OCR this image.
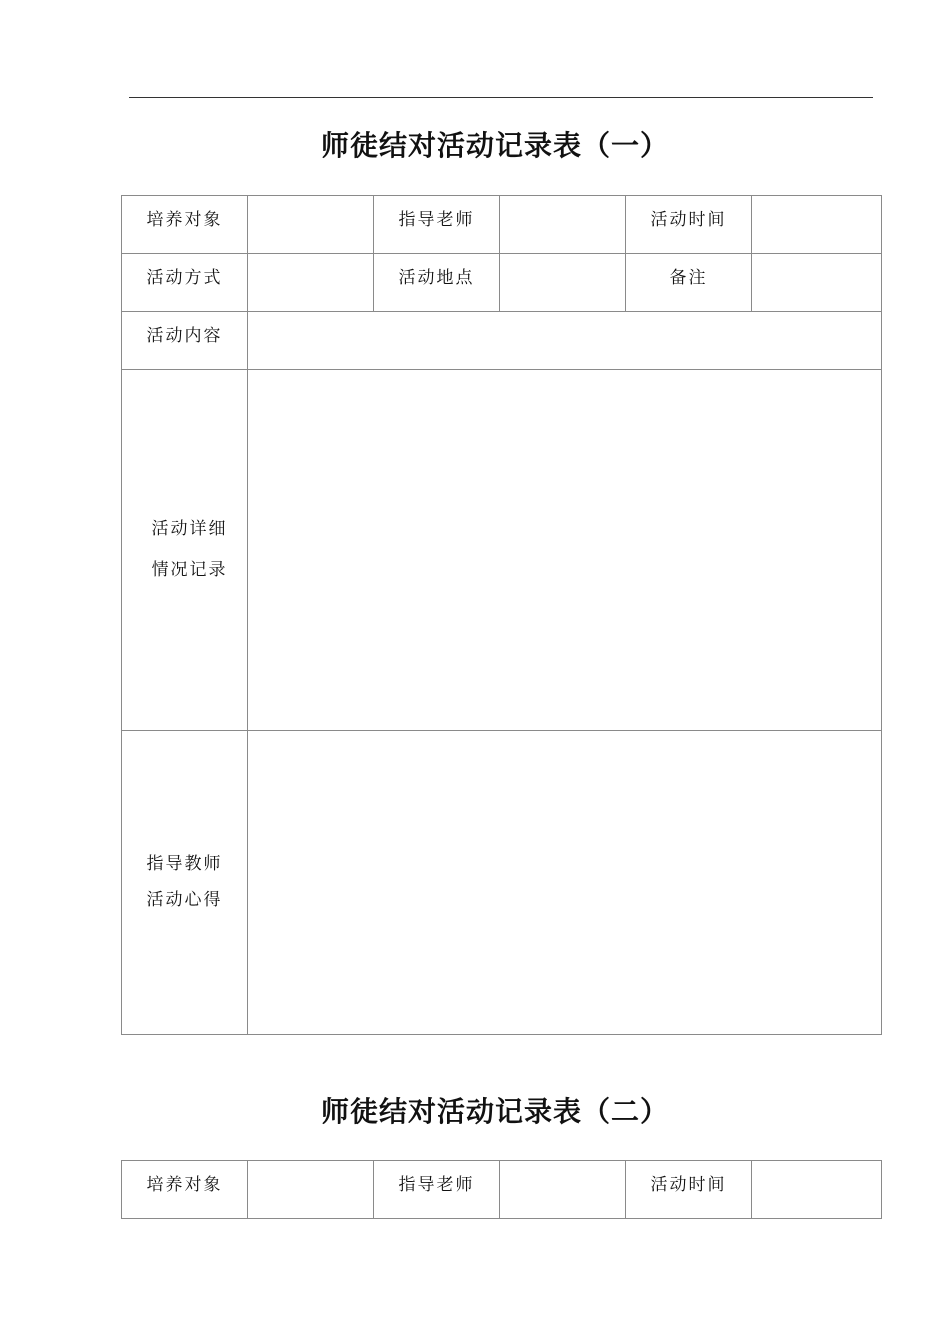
师徒结对活动记录表（一）
培养对象		指导老师		活动时间	
活动方式		活动地点		备注	
活动内容					

活动详细
情况记录					

指导教师
活动心得					

师徒结对活动记录表（二）
培养对象		指导老师		活动时间	
